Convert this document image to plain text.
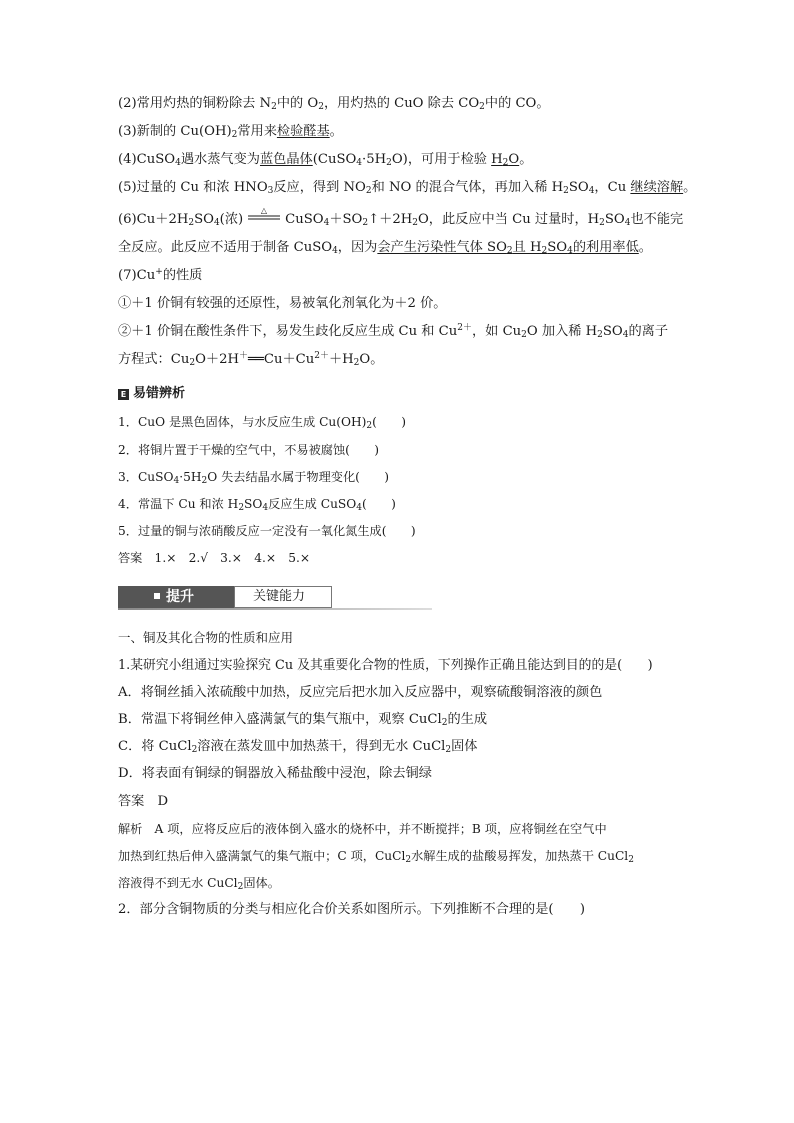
(2)常用灼热的铜粉除去 $N_2$中的 $O_2$，用灼热的 CuO 除去 $CO_2$中的 CO。
(3)新制的 $Cu(OH)_2$常用来检验醛基。
(4)CuSO$_4$遇水蒸气变为蓝色晶体$(CuSO_4\cdot 5H_2O)$，可用于检验 $H_2O$。
(5)过量的 Cu 和浓 $HNO_3$反应，得到 $NO_2$和 NO 的混合气体，再加入稀 $H_2SO_4$，Cu 继续溶解。
$(6)Cu+2H_2SO_4$(浓)
△
$CuSO_4+SO_2↑+2H_2O$，此反应中当 Cu 过量时，$H_2SO_4$也不能完
全反应。此反应不适用于制备 CuSO$_4$，因为会产生污染性气体 $SO_2$且 $H_2SO_4$的利用率低。
(7)Cu+的性质
①＋1 价铜有较强的还原性，易被氧化剂氧化为＋2 价。
②＋1 价铜在酸性条件下，易发生歧化反应生成 Cu 和 $Cu^{2+}$，如 $Cu_2O$ 加入稀 $H_2SO_4$的离子
方程式：$Cu_2O+2H^+══Cu+Cu^{2+}+H_2O$。
E 易错辨析
1．CuO 是黑色固体，与水反应生成 $Cu(OH)_2$(　　)
2．将铜片置于干燥的空气中，不易被腐蚀(　　)
3．$CuSO_4\cdot 5H_2O$ 失去结晶水属于物理变化(　　)
4．常温下 Cu 和浓 $H_2SO_4$反应生成 CuSO$_4$(　　)
5．过量的铜与浓硝酸反应一定没有一氧化氮生成(　　)
答案　1.×　2.√　3.×　4.×　5.×
提升	关键能力
一、铜及其化合物的性质和应用
1.某研究小组通过实验探究 Cu 及其重要化合物的性质，下列操作正确且能达到目的的是(　　)
A．将铜丝插入浓硫酸中加热，反应完后把水加入反应器中，观察硫酸铜溶液的颜色
B．常温下将铜丝伸入盛满氯气的集气瓶中，观察 CuCl$_2$的生成
C．将 CuCl$_2$溶液在蒸发皿中加热蒸干，得到无水 CuCl$_2$固体
D．将表面有铜绿的铜器放入稀盐酸中浸泡，除去铜绿
答案　D
解析　A 项，应将反应后的液体倒入盛水的烧杯中，并不断搅拌；B 项，应将铜丝在空气中
加热到红热后伸入盛满氯气的集气瓶中；C 项，CuCl$_2$水解生成的盐酸易挥发，加热蒸干 CuCl$_2$
溶液得不到无水 CuCl$_2$固体。
2．部分含铜物质的分类与相应化合价关系如图所示。下列推断不合理的是(　　)
